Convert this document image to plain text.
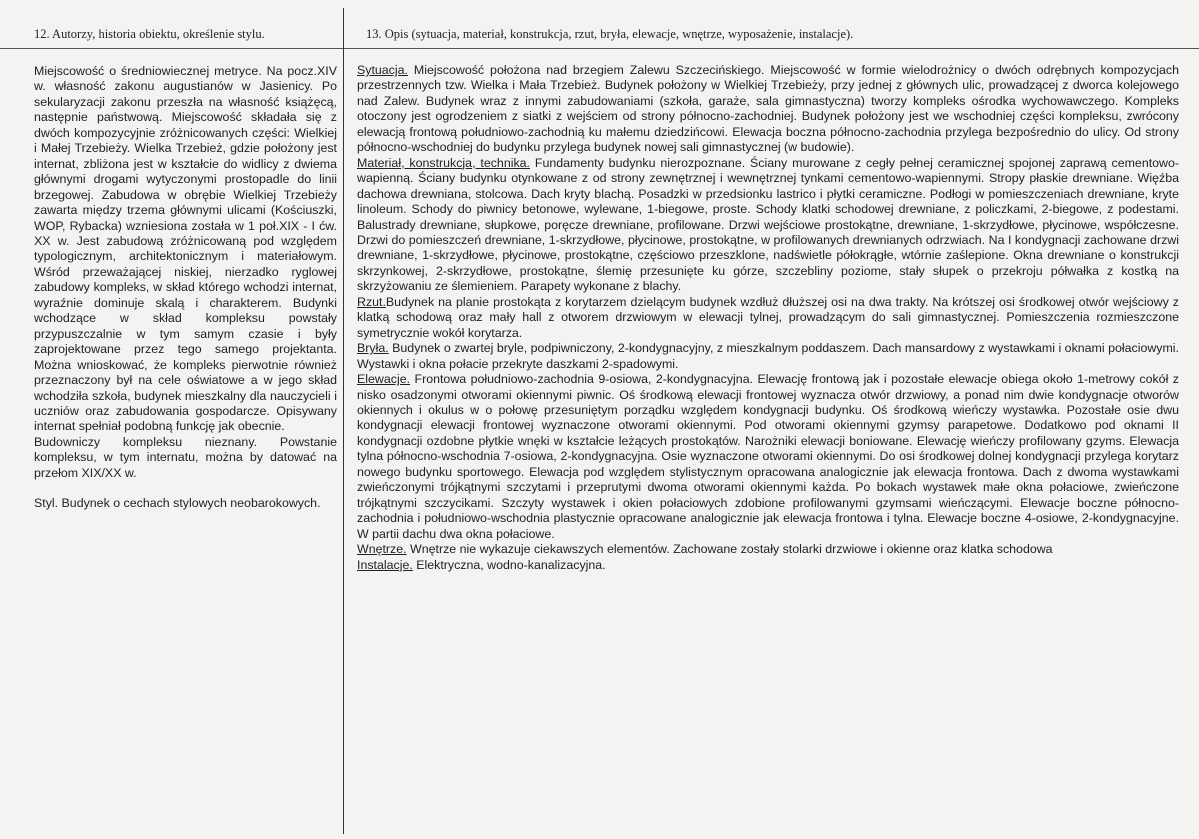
12. Autorzy, historia obiektu, określenie stylu.	13. Opis (sytuacja, materiał, konstrukcja, rzut, bryła, elewacje, wnętrze, wyposażenie, instalacje).

Miejscowość o średniowiecznej metryce. Na pocz.XIV w. własność zakonu augustianów w Jasienicy. Po sekularyzacji zakonu przeszła na własność książęcą, następnie państwową. Miejscowość składała się z dwóch kompozycyjnie zróżnicowanych części: Wielkiej i Małej Trzebieży. Wielka Trzebież, gdzie położony jest internat, zbliżona jest w kształcie do widlicy z dwiema głównymi drogami wytyczonymi prostopadle do linii brzegowej. Zabudowa w obrębie Wielkiej Trzebieży zawarta między trzema głównymi ulicami (Kościuszki, WOP, Rybacka) wzniesiona została w 1 poł.XIX - I ćw. XX w. Jest zabudową zróżnicowaną pod względem typologicznym, architektonicznym i materiałowym. Wśród przeważającej niskiej, nierzadko ryglowej zabudowy kompleks, w skład którego wchodzi internat, wyraźnie dominuje skalą i charakterem. Budynki wchodzące w skład kompleksu powstały przypuszczalnie w tym samym czasie i były zaprojektowane przez tego samego projektanta. Można wnioskować, że kompleks pierwotnie również przeznaczony był na cele oświatowe a w jego skład wchodziła szkoła, budynek mieszkalny dla nauczycieli i uczniów oraz zabudowania gospodarcze. Opisywany internat spełniał podobną funkcję jak obecnie.

Budowniczy kompleksu nieznany. Powstanie kompleksu, w tym internatu, można by datować na przełom XIX/XX w.

Styl. Budynek o cechach stylowych neobarokowych.

Sytuacja. Miejscowość położona nad brzegiem Zalewu Szczecińskiego. Miejscowość w formie wielodrożnicy o dwóch odrębnych kompozycjach przestrzennych tzw. Wielka i Mała Trzebież. Budynek położony w Wielkiej Trzebieży, przy jednej z głównych ulic, prowadzącej z dworca kolejowego nad Zalew. Budynek wraz z innymi zabudowaniami (szkoła, garaże, sala gimnastyczna) tworzy kompleks ośrodka wychowawczego. Kompleks otoczony jest ogrodzeniem z siatki z wejściem od strony północno-zachodniej. Budynek położony jest we wschodniej części kompleksu, zwrócony elewacją frontową południowo-zachodnią ku małemu dziedzińcowi. Elewacja boczna północno-zachodnia przylega bezpośrednio do ulicy. Od strony północno-wschodniej do budynku przylega budynek nowej sali gimnastycznej (w budowie).

Materiał, konstrukcja, technika. Fundamenty budynku nierozpoznane. Ściany murowane z cegły pełnej ceramicznej spojonej zaprawą cementowo-wapienną. Ściany budynku otynkowane z od strony zewnętrznej i wewnętrznej tynkami cementowo-wapiennymi. Stropy płaskie drewniane. Więźba dachowa drewniana, stolcowa. Dach kryty blachą. Posadzki w przedsionku lastrico i płytki ceramiczne. Podłogi w pomieszczeniach drewniane, kryte linoleum. Schody do piwnicy betonowe, wylewane, 1-biegowe, proste. Schody klatki schodowej drewniane, z policzkami, 2-biegowe, z podestami. Balustrady drewniane, słupkowe, poręcze drewniane, profilowane. Drzwi wejściowe prostokątne, drewniane, 1-skrzydłowe, płycinowe, współczesne. Drzwi do pomieszczeń drewniane, 1-skrzydłowe, płycinowe, prostokątne, w profilowanych drewnianych odrzwiach. Na I kondygnacji zachowane drzwi drewniane, 1-skrzydłowe, płycinowe, prostokątne, częściowo przeszklone, nadświetle półokrągłe, wtórnie zaślepione. Okna drewniane o konstrukcji skrzynkowej, 2-skrzydłowe, prostokątne, ślemię przesunięte ku górze, szczebliny poziome, stały słupek o przekroju półwałka z kostką na skrzyżowaniu ze ślemieniem. Parapety wykonane z blachy.

Rzut.Budynek na planie prostokąta z korytarzem dzielącym budynek wzdłuż dłuższej osi na dwa trakty. Na krótszej osi środkowej otwór wejściowy z klatką schodową oraz mały hall z otworem drzwiowym w elewacji tylnej, prowadzącym do sali gimnastycznej. Pomieszczenia rozmieszczone symetrycznie wokół korytarza.

Bryła. Budynek o zwartej bryle, podpiwniczony, 2-kondygnacyjny, z mieszkalnym poddaszem. Dach mansardowy z wystawkami i oknami połaciowymi. Wystawki i okna połacie przekryte daszkami 2-spadowymi.

Elewacje. Frontowa południowo-zachodnia 9-osiowa, 2-kondygnacyjna. Elewację frontową jak i pozostałe elewacje obiega około 1-metrowy cokół z nisko osadzonymi otworami okiennymi piwnic. Oś środkową elewacji frontowej wyznacza otwór drzwiowy, a ponad nim dwie kondygnacje otworów okiennych i okulus w o połowę przesuniętym porządku względem kondygnacji budynku. Oś środkową wieńczy wystawka. Pozostałe osie dwu kondygnacji elewacji frontowej wyznaczone otworami okiennymi. Pod otworami okiennymi gzymsy parapetowe. Dodatkowo pod oknami II kondygnacji ozdobne płytkie wnęki w kształcie leżących prostokątów. Narożniki elewacji boniowane. Elewację wieńczy profilowany gzyms. Elewacja tylna północno-wschodnia 7-osiowa, 2-kondygnacyjna. Osie wyznaczone otworami okiennymi. Do osi środkowej dolnej kondygnacji przylega korytarz nowego budynku sportowego. Elewacja pod względem stylistycznym opracowana analogicznie jak elewacja frontowa. Dach z dwoma wystawkami zwieńczonymi trójkątnymi szczytami i przeprutymi dwoma otworami okiennymi każda. Po bokach wystawek małe okna połaciowe, zwieńczone trójkątnymi szczycikami. Szczyty wystawek i okien połaciowych zdobione profilowanymi gzymsami wieńczącymi. Elewacje boczne północno-zachodnia i południowo-wschodnia plastycznie opracowane analogicznie jak elewacja frontowa i tylna. Elewacje boczne 4-osiowe, 2-kondygnacyjne. W partii dachu dwa okna połaciowe.

Wnętrze. Wnętrze nie wykazuje ciekawszych elementów. Zachowane zostały stolarki drzwiowe i okienne oraz klatka schodowa

Instalacje. Elektryczna, wodno-kanalizacyjna.
